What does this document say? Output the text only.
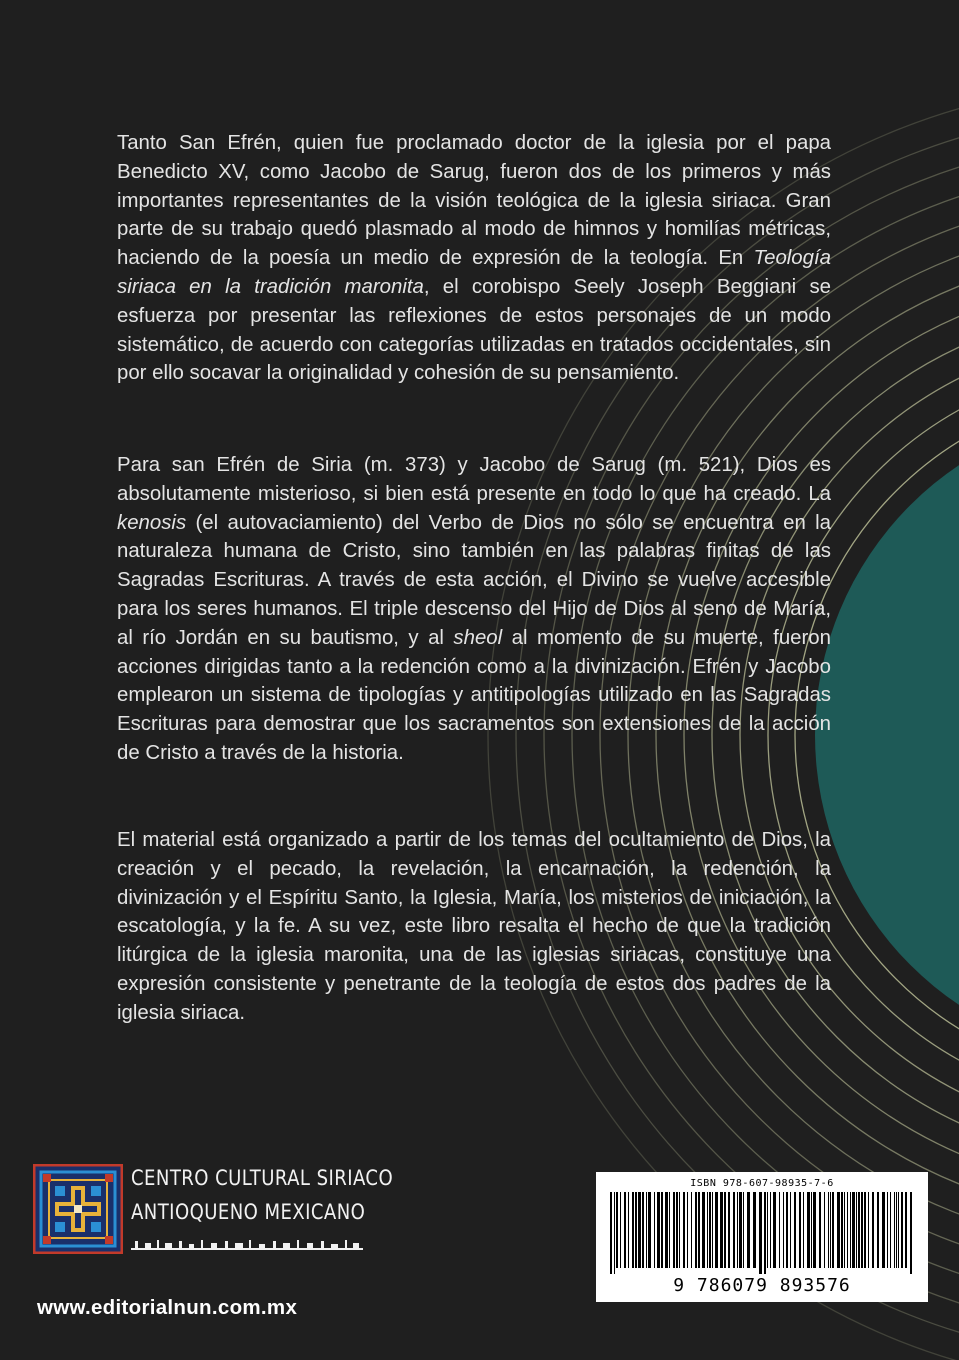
Tanto San Efrén, quien fue proclamado doctor de la iglesia por el papa Benedicto XV, como Jacobo de Sarug, fueron dos de los primeros y más importantes representantes de la visión teológica de la iglesia siriaca. Gran parte de su trabajo quedó plasmado al modo de himnos y homilías métricas, haciendo de la poesía un medio de expresión de la teología. En Teología siriaca en la tradición maronita, el corobispo Seely Joseph Beggiani se esfuerza por presentar las reflexiones de estos personajes de un modo sistemático, de acuerdo con categorías utilizadas en tratados occidentales, sin por ello socavar la originalidad y cohesión de su pensamiento.

Para san Efrén de Siria (m. 373) y Jacobo de Sarug (m. 521), Dios es absolutamente misterioso, si bien está presente en todo lo que ha creado. La kenosis (el autovaciamiento) del Verbo de Dios no sólo se encuentra en la naturaleza humana de Cristo, sino también en las palabras finitas de las Sagradas Escrituras. A través de esta acción, el Divino se vuelve accesible para los seres humanos. El triple descenso del Hijo de Dios al seno de María, al río Jordán en su bautismo, y al sheol al momento de su muerte, fueron acciones dirigidas tanto a la redención como a la divinización. Efrén y Jacobo emplearon un sistema de tipologías y antitipologías utilizado en las Sagradas Escrituras para demostrar que los sacramentos son extensiones de la acción de Cristo a través de la historia.

El material está organizado a partir de los temas del ocultamiento de Dios, la creación y el pecado, la revelación, la encarnación, la redención, la divinización y el Espíritu Santo, la Iglesia, María, los misterios de iniciación, la escatología, y la fe. A su vez, este libro resalta el hecho de que la tradición litúrgica de la iglesia maronita, una de las iglesias siriacas, constituye una expresión consistente y penetrante de la teología de estos dos padres de la iglesia siriaca.

CENTRO CULTURAL SIRIACO
ANTIOQUENO MEXICANO
www.editorialnun.com.mx
ISBN 978-607-98935-7-6
9 786079 893576
